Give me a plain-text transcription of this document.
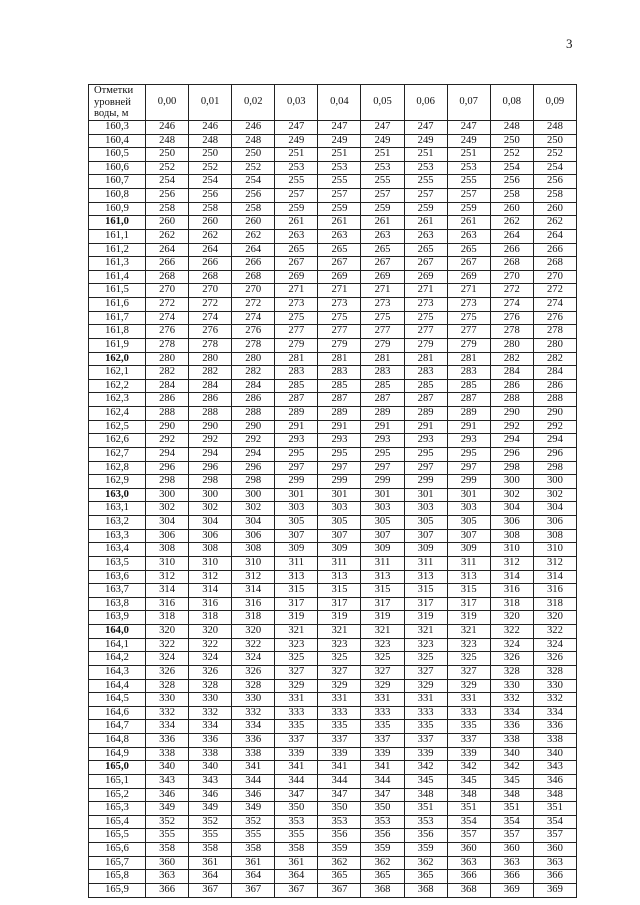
3
Отметки
уровней
воды, м	0,00	0,01	0,02	0,03	0,04	0,05	0,06	0,07	0,08	0,09
160,3	246	246	246	247	247	247	247	247	248	248
160,4	248	248	248	249	249	249	249	249	250	250
160,5	250	250	250	251	251	251	251	251	252	252
160,6	252	252	252	253	253	253	253	253	254	254
160,7	254	254	254	255	255	255	255	255	256	256
160,8	256	256	256	257	257	257	257	257	258	258
160,9	258	258	258	259	259	259	259	259	260	260
161,0	260	260	260	261	261	261	261	261	262	262
161,1	262	262	262	263	263	263	263	263	264	264
161,2	264	264	264	265	265	265	265	265	266	266
161,3	266	266	266	267	267	267	267	267	268	268
161,4	268	268	268	269	269	269	269	269	270	270
161,5	270	270	270	271	271	271	271	271	272	272
161,6	272	272	272	273	273	273	273	273	274	274
161,7	274	274	274	275	275	275	275	275	276	276
161,8	276	276	276	277	277	277	277	277	278	278
161,9	278	278	278	279	279	279	279	279	280	280
162,0	280	280	280	281	281	281	281	281	282	282
162,1	282	282	282	283	283	283	283	283	284	284
162,2	284	284	284	285	285	285	285	285	286	286
162,3	286	286	286	287	287	287	287	287	288	288
162,4	288	288	288	289	289	289	289	289	290	290
162,5	290	290	290	291	291	291	291	291	292	292
162,6	292	292	292	293	293	293	293	293	294	294
162,7	294	294	294	295	295	295	295	295	296	296
162,8	296	296	296	297	297	297	297	297	298	298
162,9	298	298	298	299	299	299	299	299	300	300
163,0	300	300	300	301	301	301	301	301	302	302
163,1	302	302	302	303	303	303	303	303	304	304
163,2	304	304	304	305	305	305	305	305	306	306
163,3	306	306	306	307	307	307	307	307	308	308
163,4	308	308	308	309	309	309	309	309	310	310
163,5	310	310	310	311	311	311	311	311	312	312
163,6	312	312	312	313	313	313	313	313	314	314
163,7	314	314	314	315	315	315	315	315	316	316
163,8	316	316	316	317	317	317	317	317	318	318
163,9	318	318	318	319	319	319	319	319	320	320
164,0	320	320	320	321	321	321	321	321	322	322
164,1	322	322	322	323	323	323	323	323	324	324
164,2	324	324	324	325	325	325	325	325	326	326
164,3	326	326	326	327	327	327	327	327	328	328
164,4	328	328	328	329	329	329	329	329	330	330
164,5	330	330	330	331	331	331	331	331	332	332
164,6	332	332	332	333	333	333	333	333	334	334
164,7	334	334	334	335	335	335	335	335	336	336
164,8	336	336	336	337	337	337	337	337	338	338
164,9	338	338	338	339	339	339	339	339	340	340
165,0	340	340	341	341	341	341	342	342	342	343
165,1	343	343	344	344	344	344	345	345	345	346
165,2	346	346	346	347	347	347	348	348	348	348
165,3	349	349	349	350	350	350	351	351	351	351
165,4	352	352	352	353	353	353	353	354	354	354
165,5	355	355	355	355	356	356	356	357	357	357
165,6	358	358	358	358	359	359	359	360	360	360
165,7	360	361	361	361	362	362	362	363	363	363
165,8	363	364	364	364	365	365	365	366	366	366
165,9	366	367	367	367	367	368	368	368	369	369
